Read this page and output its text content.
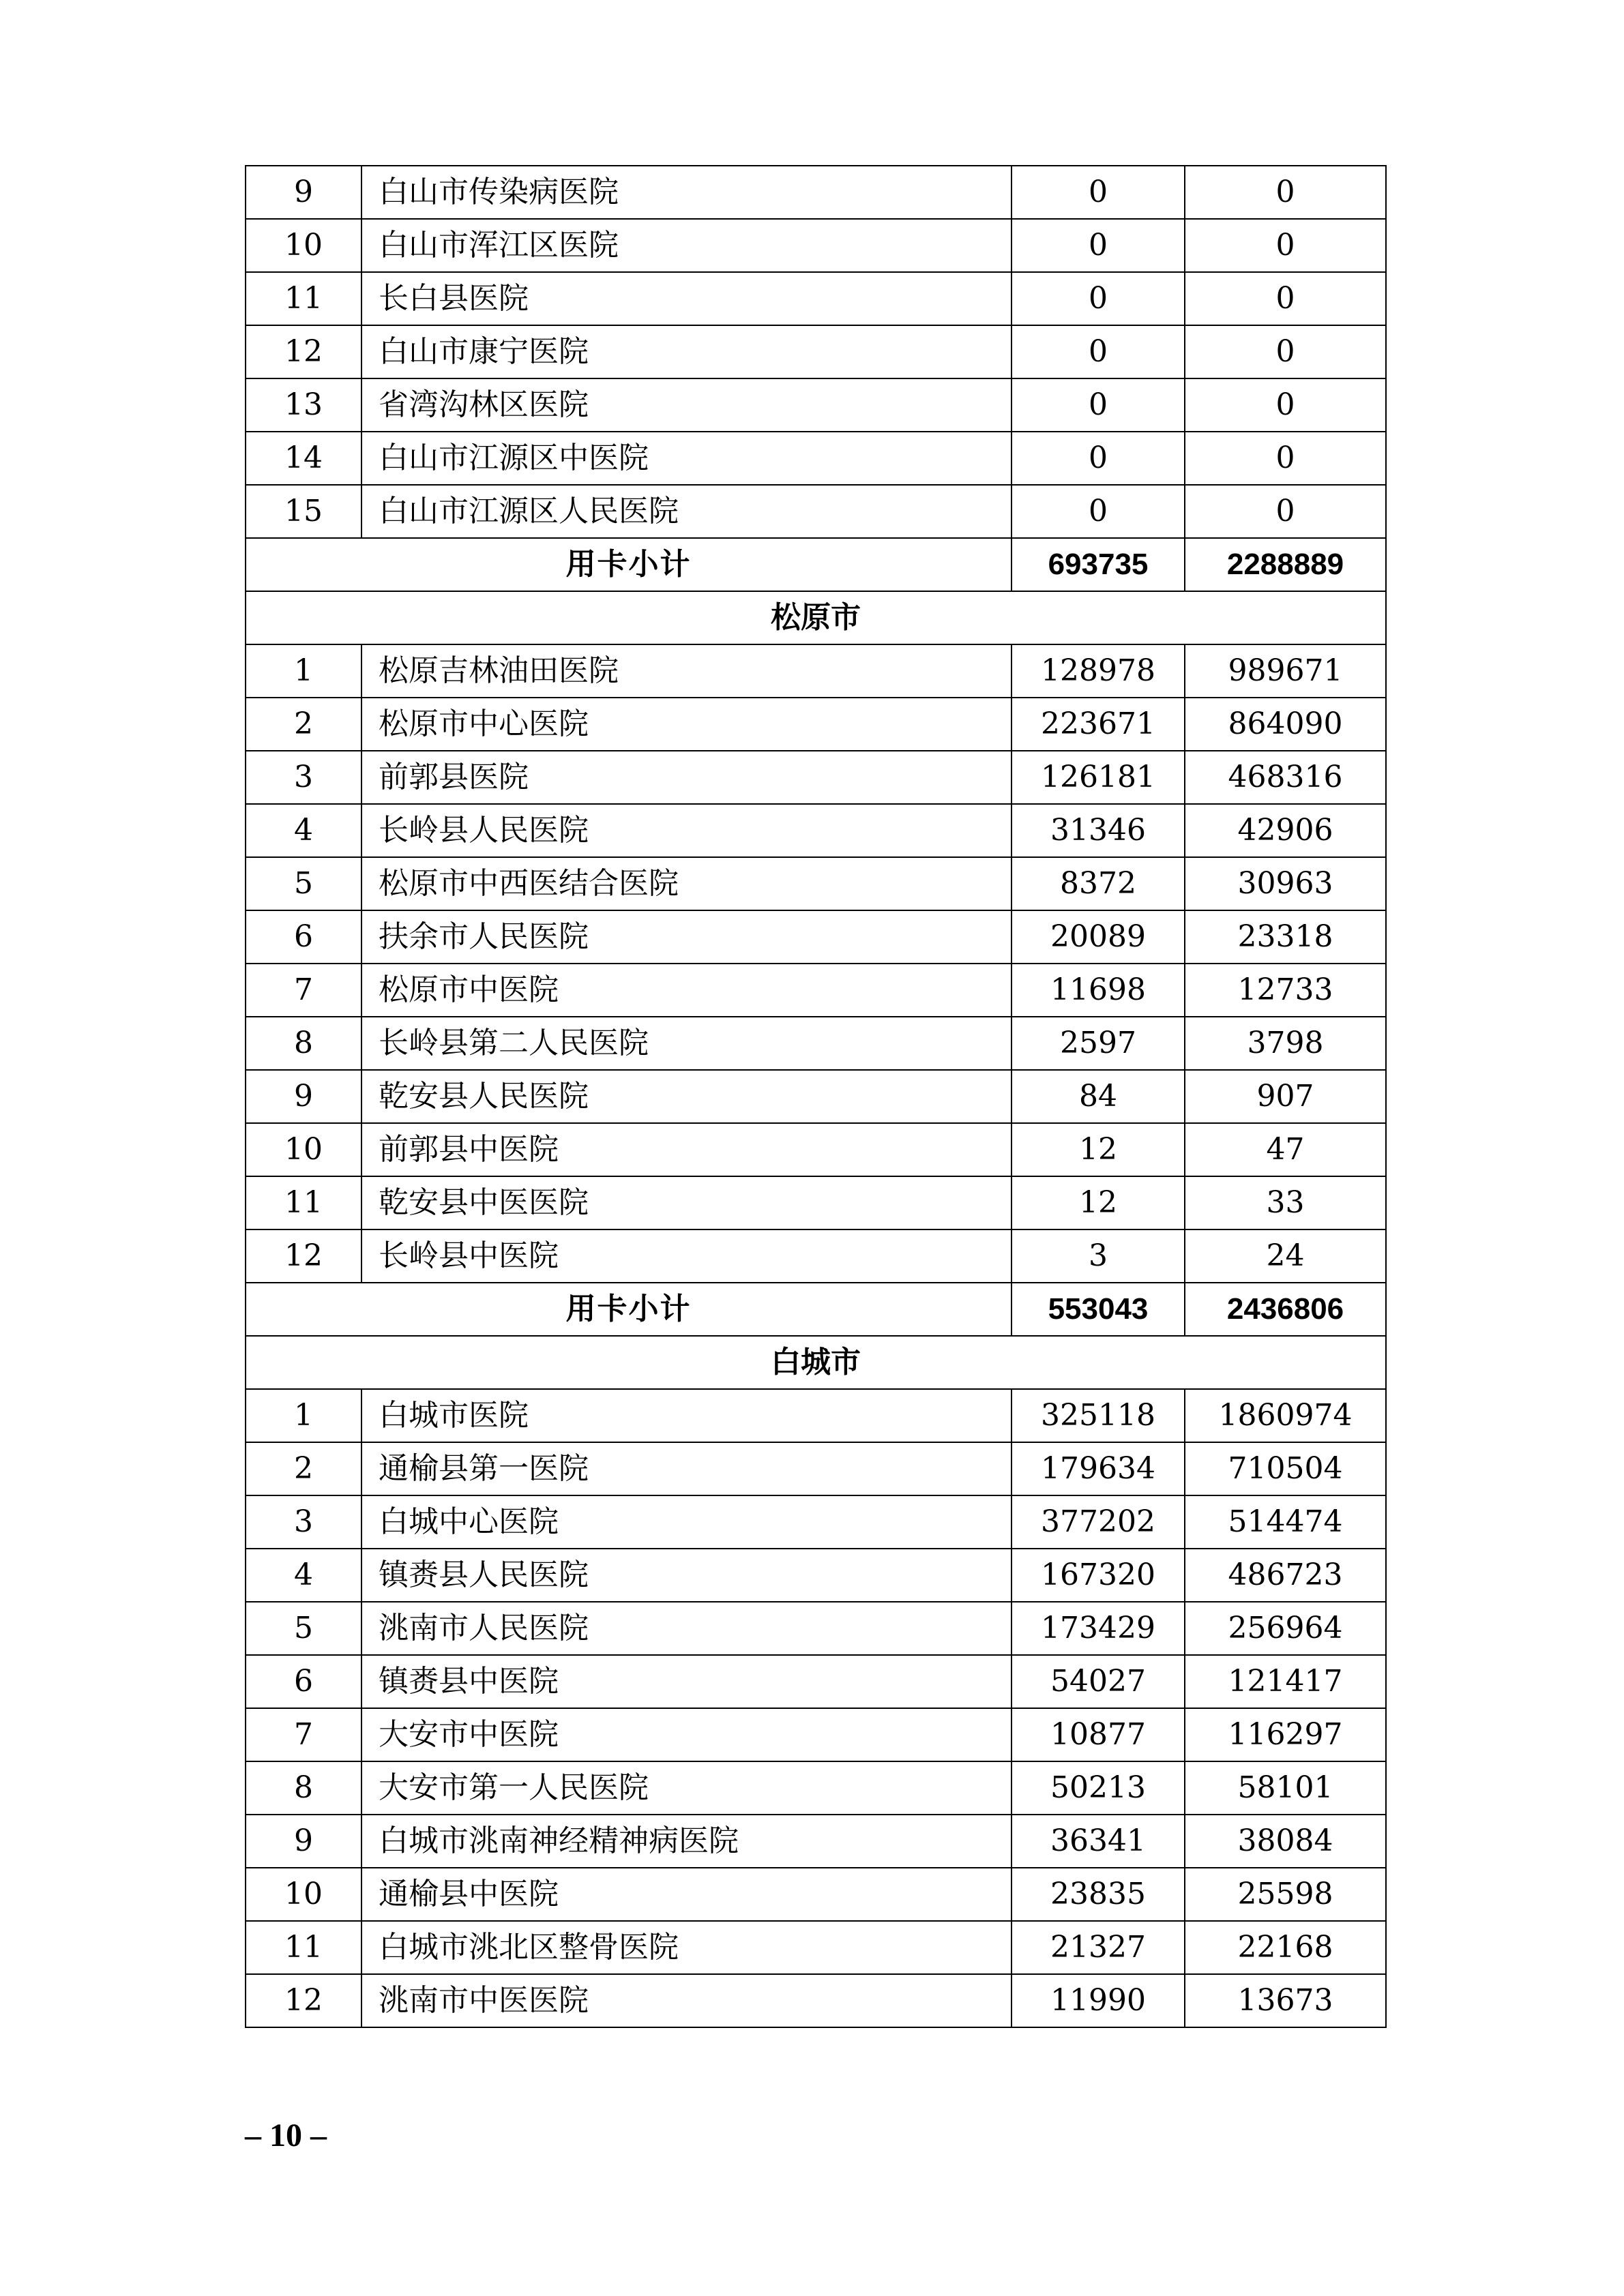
9	白山市传染病医院	0	0
10	白山市浑江区医院	0	0
11	长白县医院	0	0
12	白山市康宁医院	0	0
13	省湾沟林区医院	0	0
14	白山市江源区中医院	0	0
15	白山市江源区人民医院	0	0
用卡小计		693735	2288889
松原市			
1	松原吉林油田医院	128978	989671
2	松原市中心医院	223671	864090
3	前郭县医院	126181	468316
4	长岭县人民医院	31346	42906
5	松原市中西医结合医院	8372	30963
6	扶余市人民医院	20089	23318
7	松原市中医院	11698	12733
8	长岭县第二人民医院	2597	3798
9	乾安县人民医院	84	907
10	前郭县中医院	12	47
11	乾安县中医医院	12	33
12	长岭县中医院	3	24
用卡小计		553043	2436806
白城市			
1	白城市医院	325118	1860974
2	通榆县第一医院	179634	710504
3	白城中心医院	377202	514474
4	镇赉县人民医院	167320	486723
5	洮南市人民医院	173429	256964
6	镇赉县中医院	54027	121417
7	大安市中医院	10877	116297
8	大安市第一人民医院	50213	58101
9	白城市洮南神经精神病医院	36341	38084
10	通榆县中医院	23835	25598
11	白城市洮北区整骨医院	21327	22168
12	洮南市中医医院	11990	13673
– 10 –
